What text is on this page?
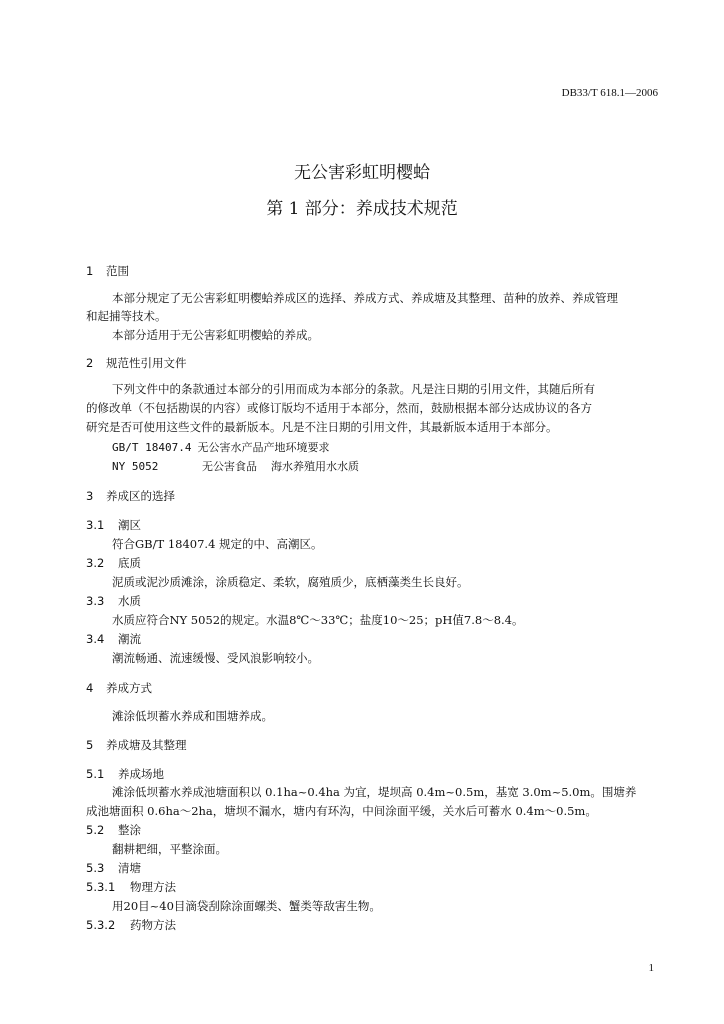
DB33/T 618.1—2006
无公害彩虹明樱蛤
第 1 部分：养成技术规范
1 范围
本部分规定了无公害彩虹明樱蛤养成区的选择、养成方式、养成塘及其整理、苗种的放养、养成管理
和起捕等技术。
本部分适用于无公害彩虹明樱蛤的养成。
2 规范性引用文件
下列文件中的条款通过本部分的引用而成为本部分的条款。凡是注日期的引用文件，其随后所有
的修改单（不包括勘误的内容）或修订版均不适用于本部分，然而，鼓励根据本部分达成协议的各方
研究是否可使用这些文件的最新版本。凡是不注日期的引用文件，其最新版本适用于本部分。
GB/T 18407.4 无公害水产品产地环境要求
NY 5052	无公害食品 海水养殖用水水质
3 养成区的选择
3.1 潮区
符合GB/T 18407.4 规定的中、高潮区。
3.2 底质
泥质或泥沙质滩涂，涂质稳定、柔软，腐殖质少，底栖藻类生长良好。
3.3 水质
水质应符合NY 5052的规定。水温8℃～33℃；盐度10～25；pH值7.8～8.4。
3.4 潮流
潮流畅通、流速缓慢、受风浪影响较小。
4 养成方式
滩涂低坝蓄水养成和围塘养成。
5 养成塘及其整理
5.1 养成场地
滩涂低坝蓄水养成池塘面积以 0.1ha~0.4ha 为宜，堤坝高 0.4m~0.5m，基宽 3.0m~5.0m。围塘养
成池塘面积 0.6ha～2ha，塘坝不漏水，塘内有环沟，中间涂面平缓，关水后可蓄水 0.4m～0.5m。
5.2 整涂
翻耕耙细，平整涂面。
5.3 清塘
5.3.1 物理方法
用20目~40目滴袋刮除涂面螺类、蟹类等敌害生物。
5.3.2 药物方法
1
